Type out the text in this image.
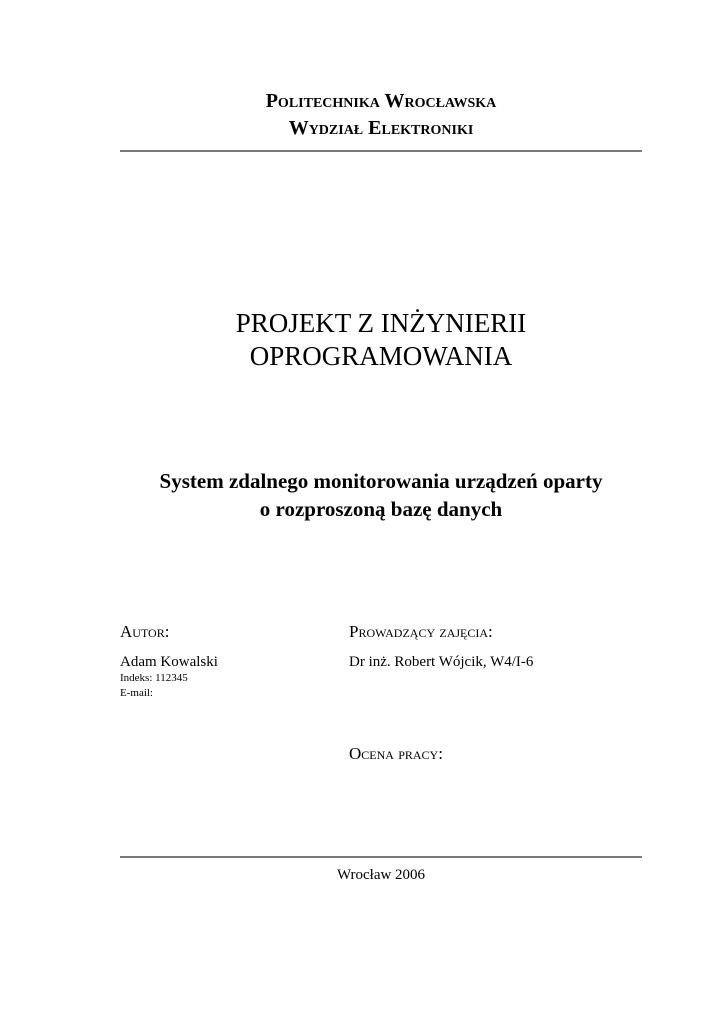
Politechnika Wrocławska
Wydział Elektroniki
PROJEKT Z INŻYNIERII
OPROGRAMOWANIA
System zdalnego monitorowania urządzeń oparty
o rozproszoną bazę danych
Autor:
Adam Kowalski
Indeks: 112345
E-mail:
Prowadzący zajęcia:
Dr inż. Robert Wójcik, W4/I-6
Ocena pracy:
Wrocław 2006
